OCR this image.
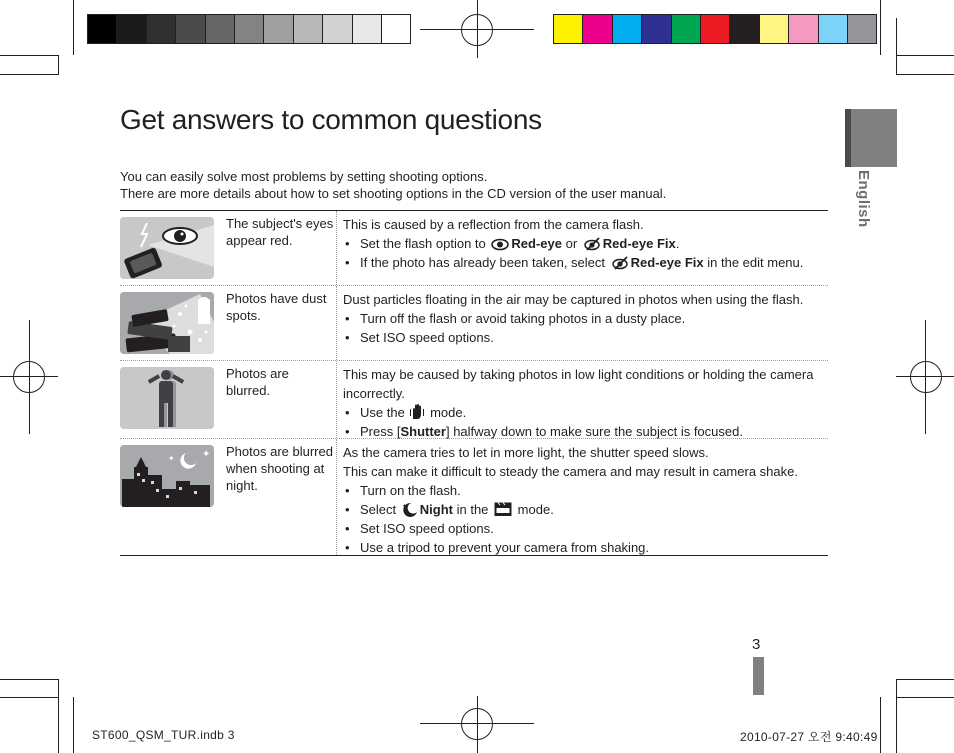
English
Get answers to common questions
You can easily solve most problems by setting shooting options.
There are more details about how to set shooting options in the CD version of the user manual.
The subject's eyes appear red.
This is caused by a reflection from the camera flash.
• Set the flash option to Red-eye or Red-eye Fix.
• If the photo has already been taken, select Red-eye Fix in the edit menu.
Photos have dust spots.
Dust particles floating in the air may be captured in photos when using the flash.
• Turn off the flash or avoid taking photos in a dusty place.
• Set ISO speed options.
Photos are blurred.
This may be caused by taking photos in low light conditions or holding the camera incorrectly.
• Use the mode.
• Press [Shutter] halfway down to make sure the subject is focused.
✦
✦	Photos are blurred when shooting at night.
As the camera tries to let in more light, the shutter speed slows.
This can make it difficult to steady the camera and may result in camera shake.
• Turn on the flash.
• Select ✦ Night in the mode.
• Set ISO speed options.
• Use a tripod to prevent your camera from shaking.
3
ST600_QSM_TUR.indb 3	2010-07-27 오전 9:40:49
